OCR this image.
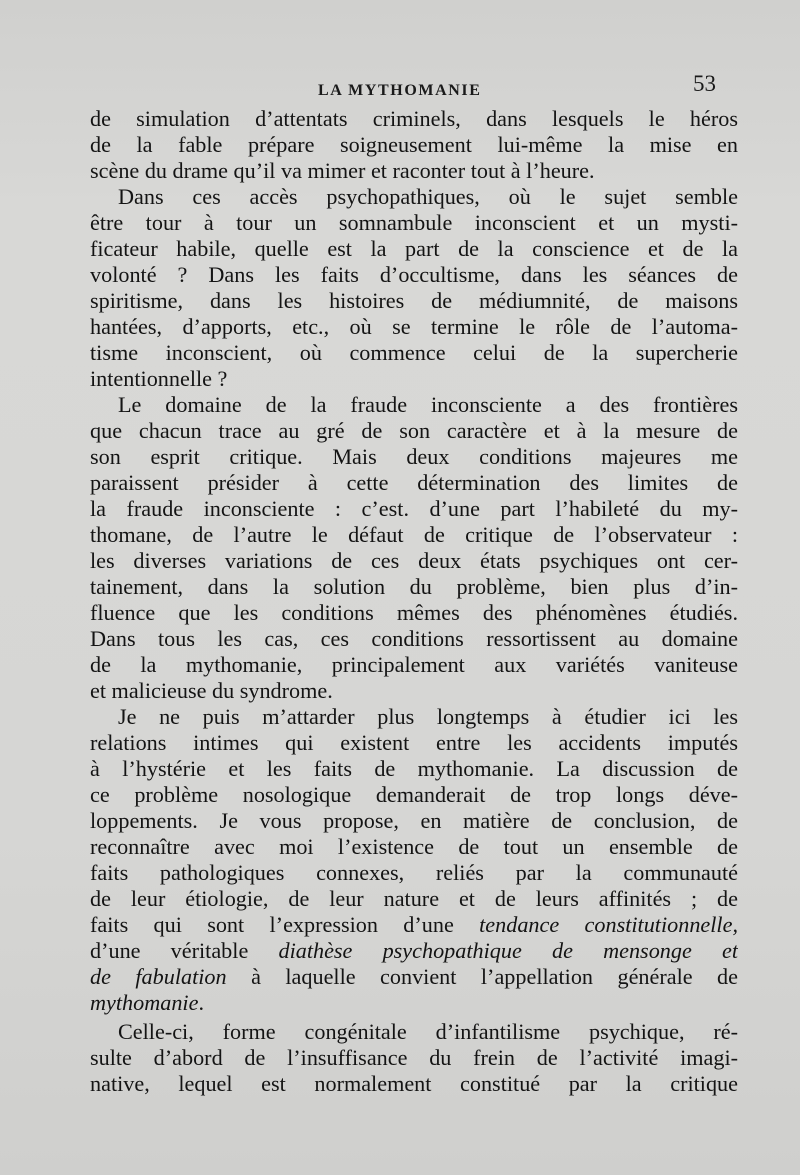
LA MYTHOMANIE	53
de simulation d’attentats criminels, dans lesquels le héros
de la fable prépare soigneusement lui-même la mise en
scène du drame qu’il va mimer et raconter tout à l’heure.
Dans ces accès psychopathiques, où le sujet semble
être tour à tour un somnambule inconscient et un mysti-
ficateur habile, quelle est la part de la conscience et de la
volonté ? Dans les faits d’occultisme, dans les séances de
spiritisme, dans les histoires de médiumnité, de maisons
hantées, d’apports, etc., où se termine le rôle de l’automa-
tisme inconscient, où commence celui de la supercherie
intentionnelle ?
Le domaine de la fraude inconsciente a des frontières
que chacun trace au gré de son caractère et à la mesure de
son esprit critique. Mais deux conditions majeures me
paraissent présider à cette détermination des limites de
la fraude inconsciente : c’est. d’une part l’habileté du my-
thomane, de l’autre le défaut de critique de l’observateur :
les diverses variations de ces deux états psychiques ont cer-
tainement, dans la solution du problème, bien plus d’in-
fluence que les conditions mêmes des phénomènes étudiés.
Dans tous les cas, ces conditions ressortissent au domaine
de la mythomanie, principalement aux variétés vaniteuse
et malicieuse du syndrome.
Je ne puis m’attarder plus longtemps à étudier ici les
relations intimes qui existent entre les accidents imputés
à l’hystérie et les faits de mythomanie. La discussion de
ce problème nosologique demanderait de trop longs déve-
loppements. Je vous propose, en matière de conclusion, de
reconnaître avec moi l’existence de tout un ensemble de
faits pathologiques connexes, reliés par la communauté
de leur étiologie, de leur nature et de leurs affinités ; de
faits qui sont l’expression d’une tendance constitutionnelle,
d’une véritable diathèse psychopathique de mensonge et
de fabulation à laquelle convient l’appellation générale de
mythomanie.
Celle-ci, forme congénitale d’infantilisme psychique, ré-
sulte d’abord de l’insuffisance du frein de l’activité imagi-
native, lequel est normalement constitué par la critique
